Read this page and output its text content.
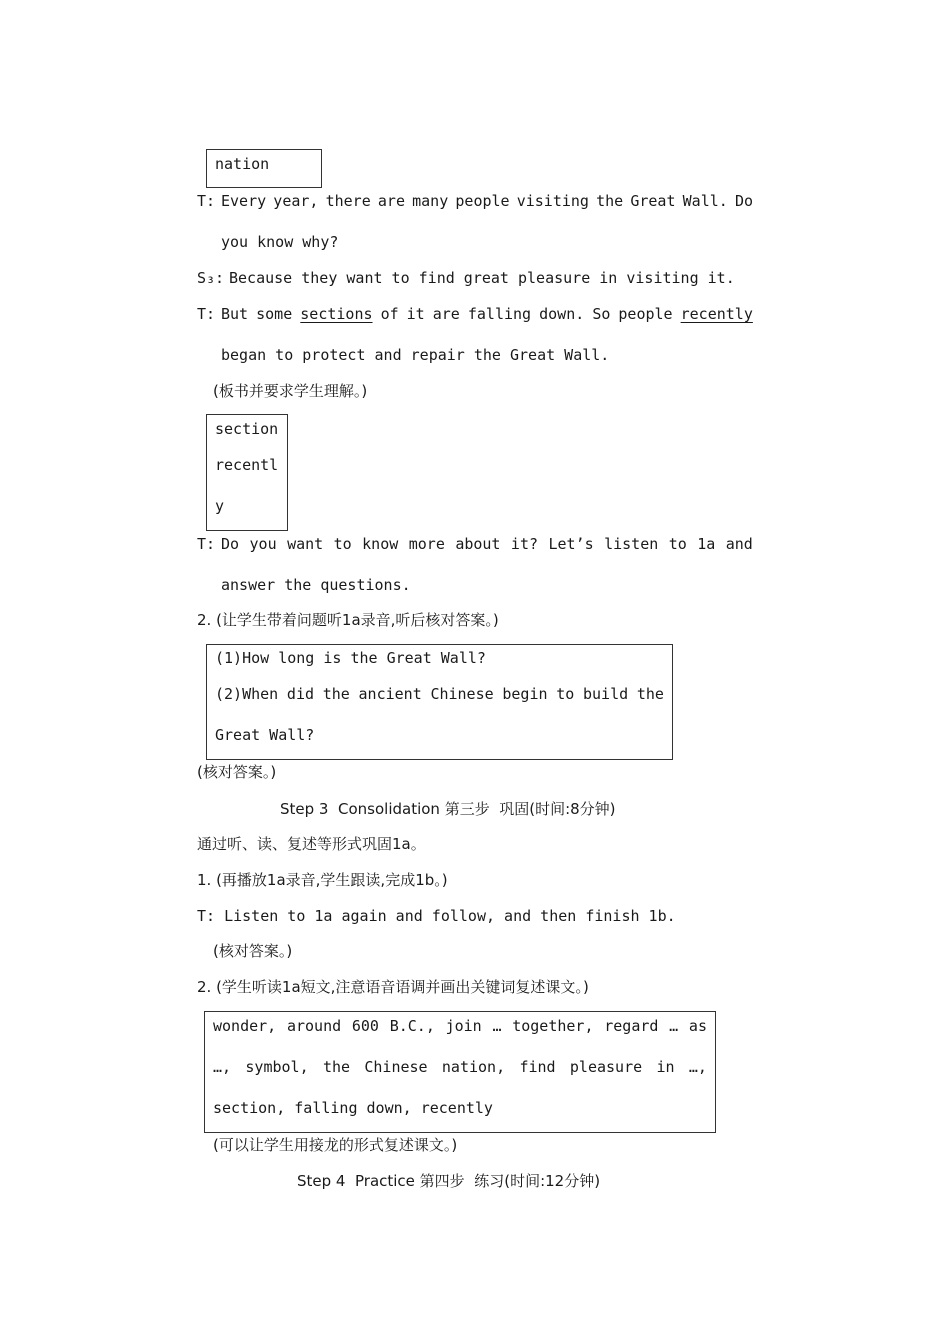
nation
T: Every year, there are many people visiting the Great Wall. Do
you know why?
S₃: Because they want to find great pleasure in visiting it.
T: But some sections of it are falling down. So people recently
began to protect and repair the Great Wall.
(板书并要求学生理解。)
section
recentl
y
T: Do you want to know more about it? Let’s listen to 1a and
answer the questions.
2. (让学生带着问题听1a录音,听后核对答案。)
(1)How long is the Great Wall?
(2)When did the ancient Chinese begin to build the
Great Wall?
(核对答案。)
Step 3  Consolidation 第三步  巩固(时间:8分钟)
通过听、读、复述等形式巩固1a。
1. (再播放1a录音,学生跟读,完成1b。)
T: Listen to 1a again and follow, and then finish 1b.
(核对答案。)
2. (学生听读1a短文,注意语音语调并画出关键词复述课文。)
wonder, around 600 B.C., join … together, regard … as
…, symbol, the Chinese nation, find pleasure in …,
section, falling down, recently
(可以让学生用接龙的形式复述课文。)
Step 4  Practice 第四步  练习(时间:12分钟)
